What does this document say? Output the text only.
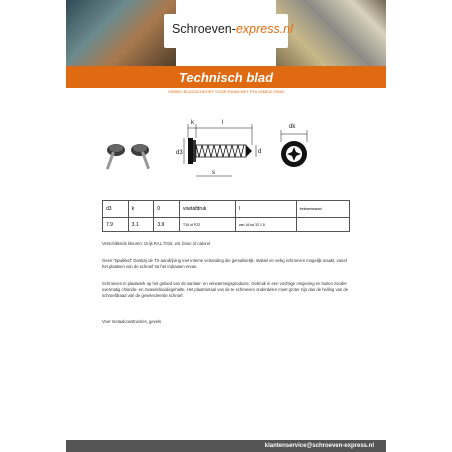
Schroeven-express.nl
Technisch blad
VSB067-BLADSCHROEF VOOR RAAM MET POLYAMIDE-RING
k	l
d
d3
s
dk
d3	k	0	voetafdruk	l	trekweerstand
7.9	3.1	3.9	T15 of PZ2	van 16 tot 32 1.5	
Verschillende kleuren: Grijs RAL 7016, wit, bruin of naturel.
Geen "tipwikkel" Dankzij de TX-aandrijving met interne vertanding die gemakkelijk, stabiel en veilig schroeven mogelijk maakt, vanaf het plaatsen van de schroef tot het indraaien ervan.
Schroeven in plaatwerk op het gebied van de sanitair- en verwarmingsproducte. Gebruik in een vochtige omgeving en buiten zonder overmatig chloride- en zwaveldioxidegehalte. Het plaatmetaal van de te schroeven onderdelen moet groter zijn dan de helling van de schroefdraad van de geselecteerde schroef.
Voor metaalconstructies, gevels
klantenservice@schroeven-express.nl
